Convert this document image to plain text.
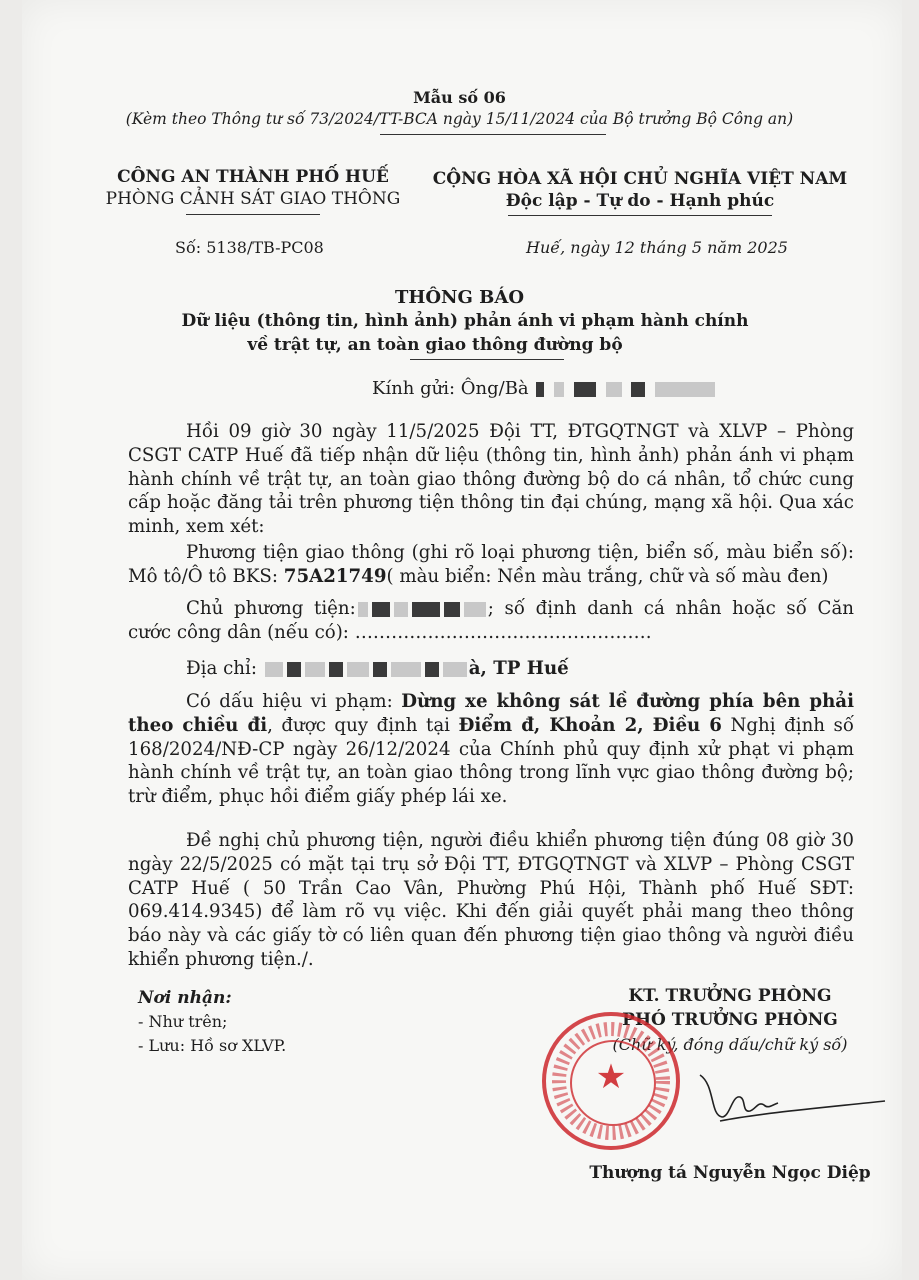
Mẫu số 06
(Kèm theo Thông tư số 73/2024/TT-BCA ngày 15/11/2024 của Bộ trưởng Bộ Công an)
CÔNG AN THÀNH PHỐ HUẾ
PHÒNG CẢNH SÁT GIAO THÔNG
CỘNG HÒA XÃ HỘI CHỦ NGHĨA VIỆT NAM
Độc lập - Tự do - Hạnh phúc
Số: 5138/TB-PC08	Huế, ngày 12 tháng 5 năm 2025
THÔNG BÁO
Dữ liệu (thông tin, hình ảnh) phản ánh vi phạm hành chính
về trật tự, an toàn giao thông đường bộ
Kính gửi: Ông/Bà
Hồi 09 giờ 30 ngày 11/5/2025 Đội TT, ĐTGQTNGT và XLVP – Phòng CSGT CATP Huế đã tiếp nhận dữ liệu (thông tin, hình ảnh) phản ánh vi phạm hành chính về trật tự, an toàn giao thông đường bộ do cá nhân, tổ chức cung cấp hoặc đăng tải trên phương tiện thông tin đại chúng, mạng xã hội. Qua xác minh, xem xét:
Phương tiện giao thông (ghi rõ loại phương tiện, biển số, màu biển số): Mô tô/Ô tô BKS: 75A21749( màu biển: Nền màu trắng, chữ và số màu đen)
Chủ phương tiện:	; số định danh cá nhân hoặc số Căn cước công dân (nếu có): ………………………………………….
Địa chỉ:	à, TP Huế
Có dấu hiệu vi phạm: Dừng xe không sát lề đường phía bên phải theo chiều đi, được quy định tại Điểm đ, Khoản 2, Điều 6 Nghị định số 168/2024/NĐ-CP ngày 26/12/2024 của Chính phủ quy định xử phạt vi phạm hành chính về trật tự, an toàn giao thông trong lĩnh vực giao thông đường bộ; trừ điểm, phục hồi điểm giấy phép lái xe.
Đề nghị chủ phương tiện, người điều khiển phương tiện đúng 08 giờ 30 ngày 22/5/2025 có mặt tại trụ sở Đội TT, ĐTGQTNGT và XLVP – Phòng CSGT CATP Huế ( 50 Trần Cao Vân, Phường Phú Hội, Thành phố Huế SĐT: 069.414.9345) để làm rõ vụ việc. Khi đến giải quyết phải mang theo thông báo này và các giấy tờ có liên quan đến phương tiện giao thông và người điều khiển phương tiện./.
Nơi nhận:
- Như trên;
- Lưu: Hồ sơ XLVP.
KT. TRƯỞNG PHÒNG
PHÓ TRƯỞNG PHÒNG
(Chữ ký, đóng dấu/chữ ký số)
★
Thượng tá Nguyễn Ngọc Diệp
